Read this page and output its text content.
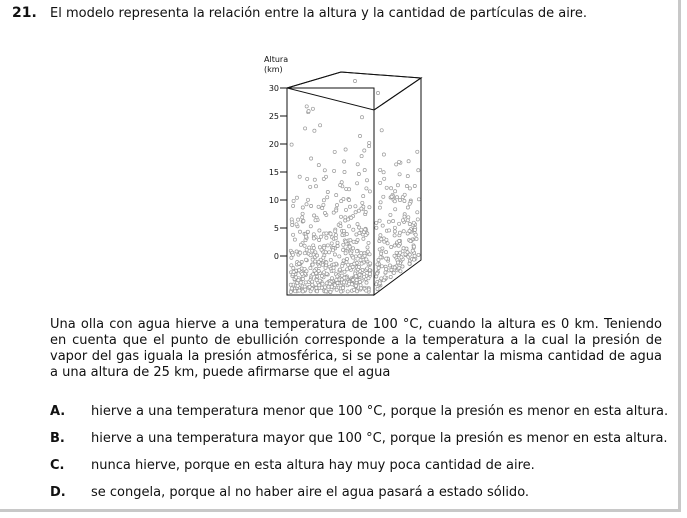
21. El modelo representa la relación entre la altura y la cantidad de partículas de aire.
Altura
(km)
30
25
20
15
10
5
0
Una olla con agua hierve a una temperatura de 100 °C, cuando la altura es 0 km. Teniendo en cuenta que el punto de ebullición corresponde a la temperatura a la cual la presión de vapor del gas iguala la presión atmosférica, si se pone a calentar la misma cantidad de agua a una altura de 25 km, puede afirmarse que el agua
A.	hierve a una temperatura menor que 100 °C, porque la presión es menor en esta altura.
B.	hierve a una temperatura mayor que 100 °C, porque la presión es menor en esta altura.
C.	nunca hierve, porque en esta altura hay muy poca cantidad de aire.
D.	se congela, porque al no haber aire el agua pasará a estado sólido.
